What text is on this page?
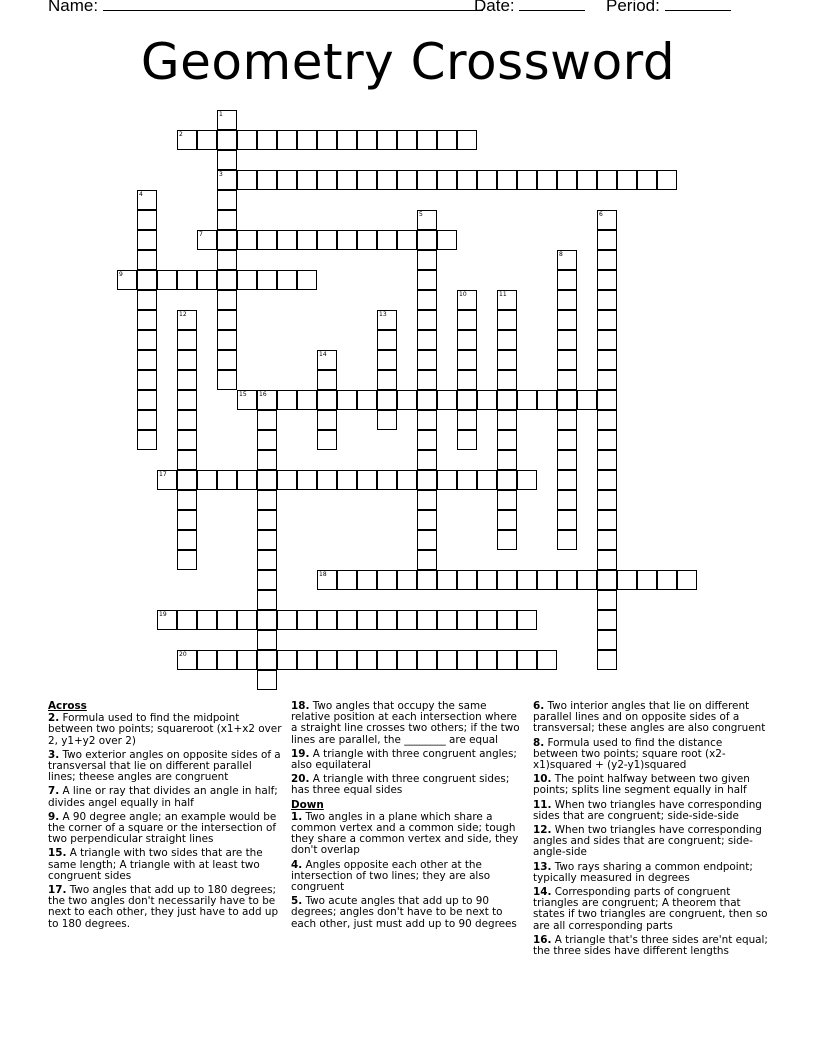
Name:	Date:	Period:
Geometry Crossword
1
2
3
4
5	6
7
8
9
10	11
12	13
14
15 16
17
18
19
20
Across
2. Formula used to find the midpoint between two points; squareroot (x1+x2 over 2, y1+y2 over 2)
3. Two exterior angles on opposite sides of a transversal that lie on different parallel lines; theese angles are congruent
7. A line or ray that divides an angle in half; divides angel equally in half
9. A 90 degree angle; an example would be the corner of a square or the intersection of two perpendicular straight lines
15. A triangle with two sides that are the same length; A triangle with at least two congruent sides
17. Two angles that add up to 180 degrees; the two angles don't necessarily have to be next to each other, they just have to add up to 180 degrees.
18. Two angles that occupy the same relative position at each intersection where a straight line crosses two others; if the two lines are parallel, the ________ are equal
19. A triangle with three congruent angles; also equilateral
20. A triangle with three congruent sides; has three equal sides
Down
1. Two angles in a plane which share a common vertex and a common side; tough they share a common vertex and side, they don't overlap
4. Angles opposite each other at the intersection of two lines; they are also congruent
5. Two acute angles that add up to 90 degrees; angles don't have to be next to each other, just must add up to 90 degrees
6. Two interior angles that lie on different parallel lines and on opposite sides of a transversal; these angles are also congruent
8. Formula used to find the distance between two points; square root (x2-x1)squared + (y2-y1)squared
10. The point halfway between two given points; splits line segment equally in half
11. When two triangles have corresponding sides that are congruent; side-side-side
12. When two triangles have corresponding angles and sides that are congruent; side-angle-side
13. Two rays sharing a common endpoint; typically measured in degrees
14. Corresponding parts of congruent triangles are congruent; A theorem that states if two triangles are congruent, then so are all corresponding parts
16. A triangle that's three sides are'nt equal; the three sides have different lengths
